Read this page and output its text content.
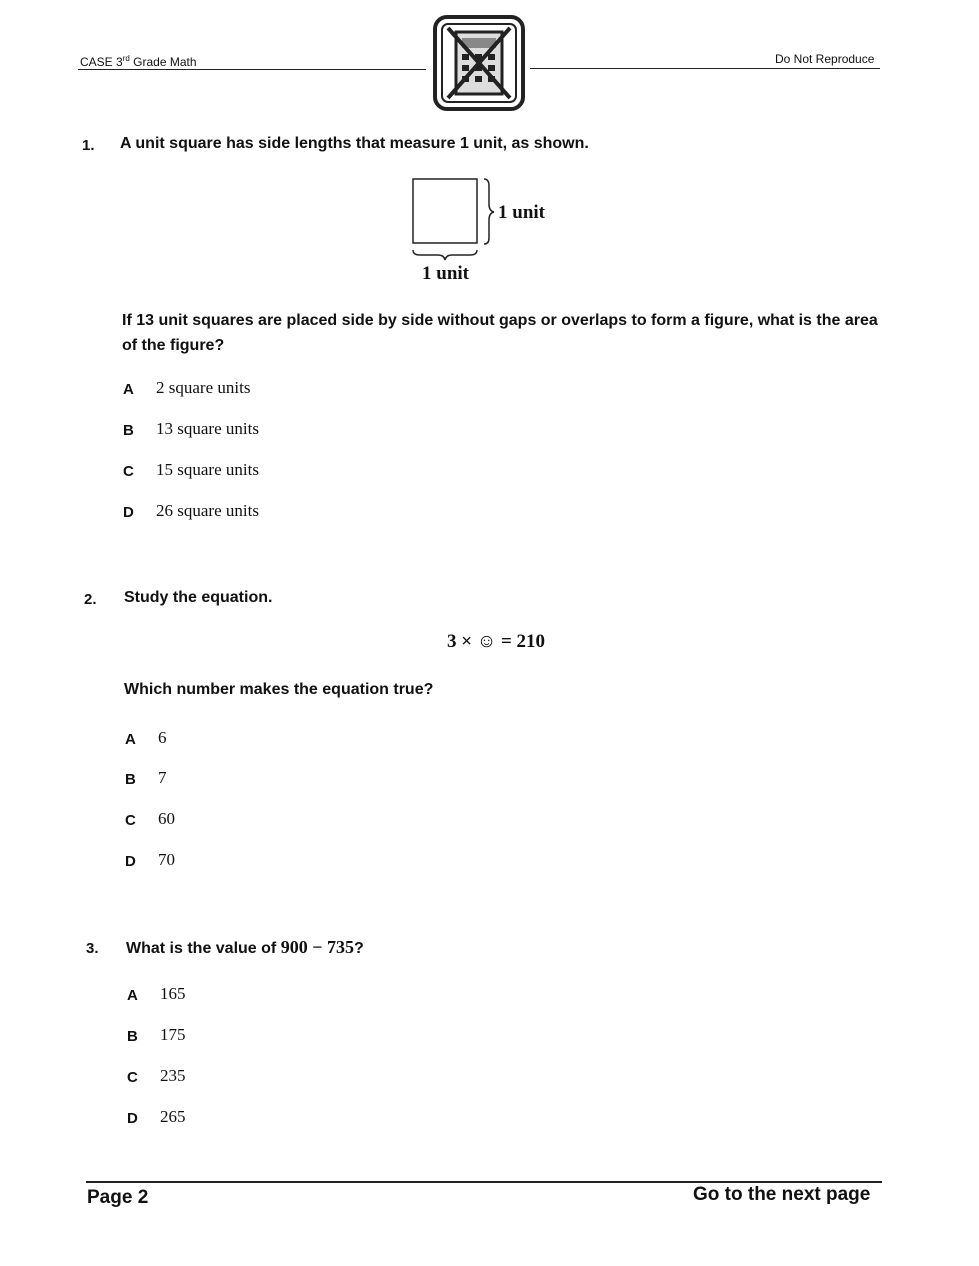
CASE 3rd Grade Math	Do Not Reproduce
1. A unit square has side lengths that measure 1 unit, as shown.
1 unit
1 unit
If 13 unit squares are placed side by side without gaps or overlaps to form a figure, what is the area of the figure?
A 2 square units
B 13 square units
C 15 square units
D 26 square units
2. Study the equation.
3 × ☺ = 210
Which number makes the equation true?
A 6
B 7
C 60
D 70
3. What is the value of 900 − 735?
A 165
B 175
C 235
D 265
Page 2	Go to the next page
